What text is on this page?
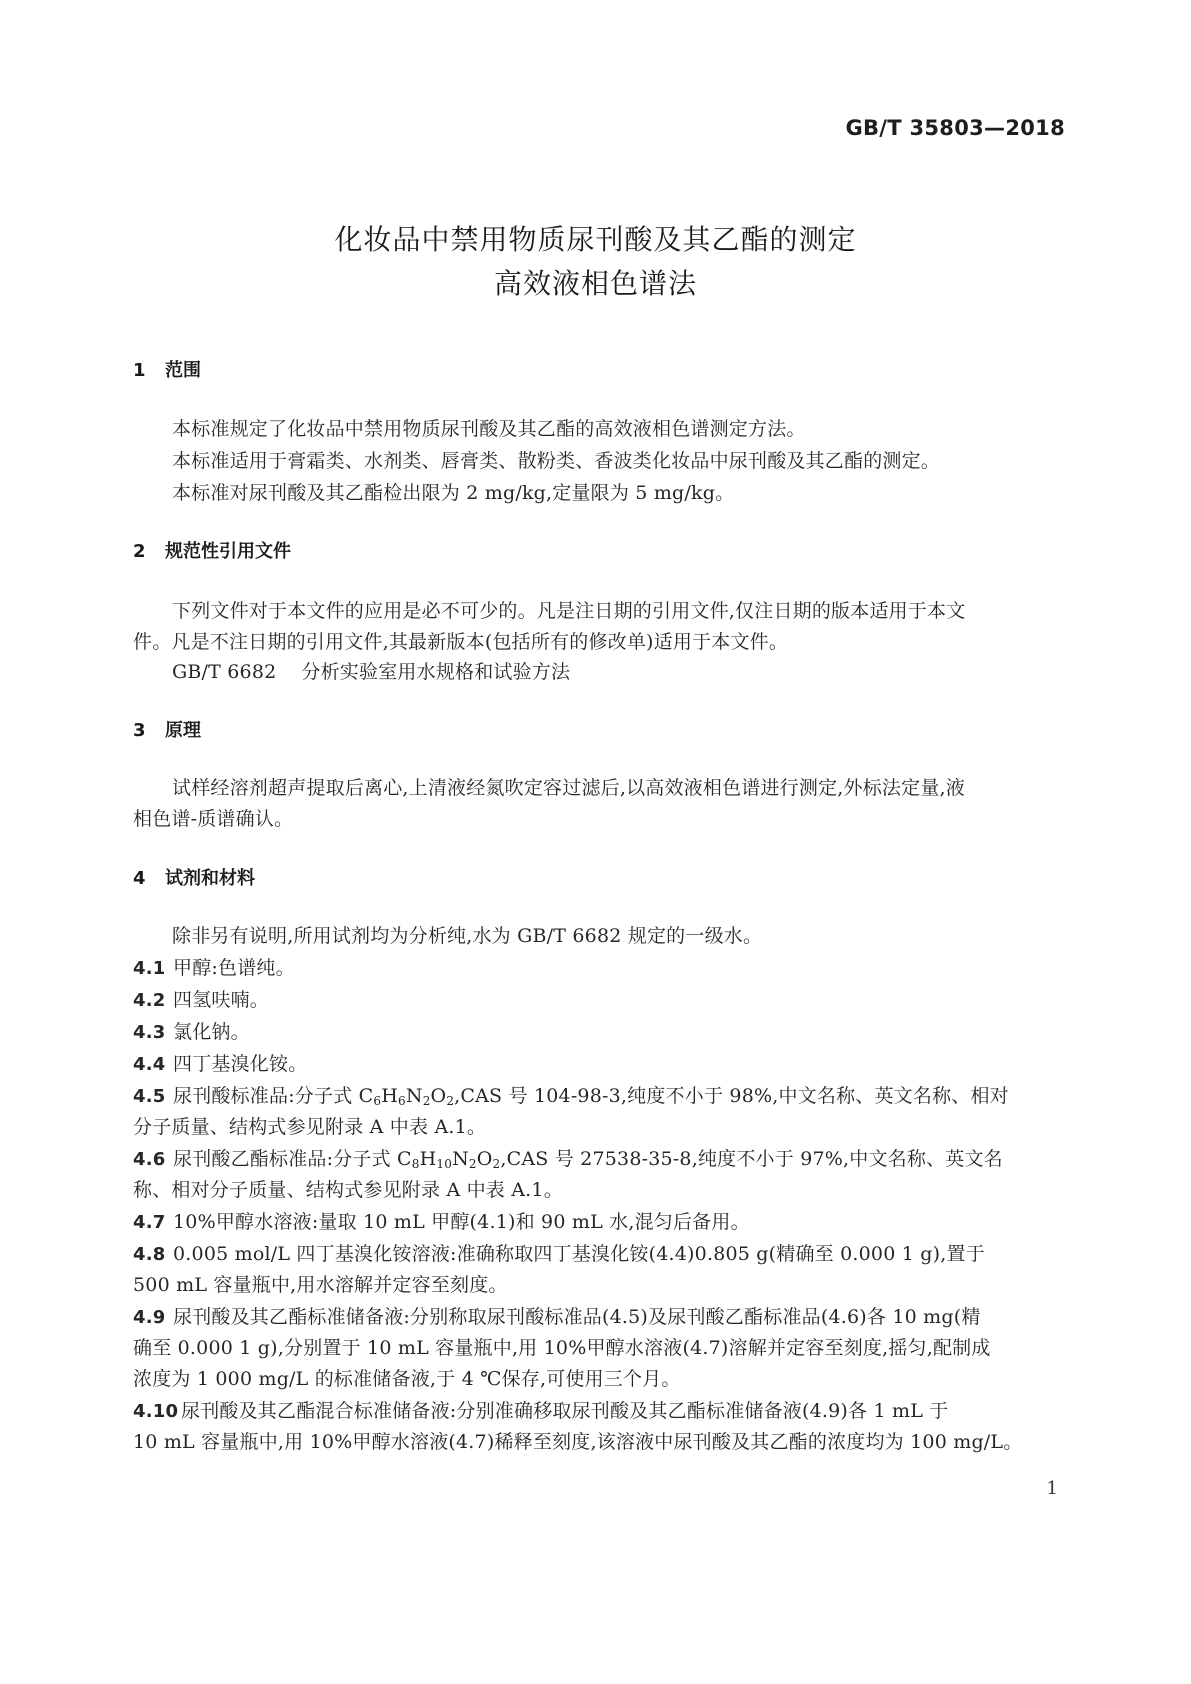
GB/T 35803—2018
化妆品中禁用物质尿刊酸及其乙酯的测定
高效液相色谱法
1 范围
本标准规定了化妆品中禁用物质尿刊酸及其乙酯的高效液相色谱测定方法。
本标准适用于膏霜类、水剂类、唇膏类、散粉类、香波类化妆品中尿刊酸及其乙酯的测定。
本标准对尿刊酸及其乙酯检出限为 2 mg/kg,定量限为 5 mg/kg。
2 规范性引用文件
下列文件对于本文件的应用是必不可少的。凡是注日期的引用文件,仅注日期的版本适用于本文
件。凡是不注日期的引用文件,其最新版本(包括所有的修改单)适用于本文件。
GB/T 6682 分析实验室用水规格和试验方法
3 原理
试样经溶剂超声提取后离心,上清液经氮吹定容过滤后,以高效液相色谱进行测定,外标法定量,液
相色谱-质谱确认。
4 试剂和材料
除非另有说明,所用试剂均为分析纯,水为 GB/T 6682 规定的一级水。
4.1 甲醇:色谱纯。
4.2 四氢呋喃。
4.3 氯化钠。
4.4 四丁基溴化铵。
4.5 尿刊酸标准品:分子式 $C_6H_6N_2O_2,CAS$ 号 104-98-3,纯度不小于 98%,中文名称、英文名称、相对
分子质量、结构式参见附录 A 中表 A.1。
4.6 尿刊酸乙酯标准品:分子式 $C_8H_{10}N_2O_2,CAS$ 号 27538-35-8,纯度不小于 97%,中文名称、英文名
称、相对分子质量、结构式参见附录 A 中表 A.1。
4.7 10%甲醇水溶液:量取 10 mL 甲醇(4.1)和 90 mL 水,混匀后备用。
4.8 0.005 mol/L 四丁基溴化铵溶液:准确称取四丁基溴化铵(4.4)0.805 g(精确至 0.000 1 g),置于
500 mL 容量瓶中,用水溶解并定容至刻度。
4.9 尿刊酸及其乙酯标准储备液:分别称取尿刊酸标准品(4.5)及尿刊酸乙酯标准品(4.6)各 10 mg(精
确至 0.000 1 g),分别置于 10 mL 容量瓶中,用 10%甲醇水溶液(4.7)溶解并定容至刻度,摇匀,配制成
浓度为 1 000 mg/L 的标准储备液,于 4 ℃保存,可使用三个月。
4.10 尿刊酸及其乙酯混合标准储备液:分别准确移取尿刊酸及其乙酯标准储备液(4.9)各 1 mL 于
10 mL 容量瓶中,用 10%甲醇水溶液(4.7)稀释至刻度,该溶液中尿刊酸及其乙酯的浓度均为 100 mg/L。
1
